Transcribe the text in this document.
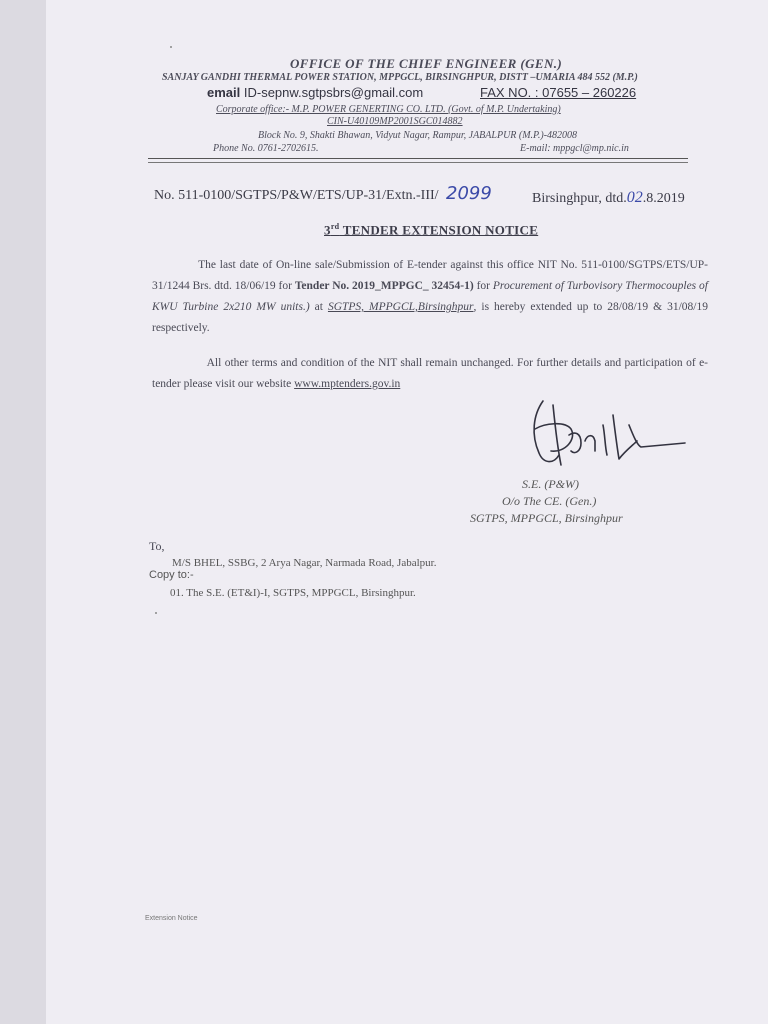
OFFICE OF THE CHIEF ENGINEER (GEN.)
SANJAY GANDHI THERMAL POWER STATION, MPPGCL, BIRSINGHPUR, DISTT –UMARIA 484 552 (M.P.)
email ID-sepnw.sgtpsbrs@gmail.com	FAX NO. : 07655 – 260226
Corporate office:- M.P. POWER GENERTING CO. LTD. (Govt. of M.P. Undertaking)
CIN-U40109MP2001SGC014882
Block No. 9, Shakti Bhawan, Vidyut Nagar, Rampur, JABALPUR (M.P.)-482008
Phone No. 0761-2702615.	E-mail: mppgcl@mp.nic.in
No. 511-0100/SGTPS/P&W/ETS/UP-31/Extn.-III/ 2099	Birsinghpur, dtd.02.8.2019
3rd TENDER EXTENSION NOTICE
The last date of On-line sale/Submission of E-tender against this office NIT No. 511-0100/SGTPS/ETS/UP-31/1244 Brs. dtd. 18/06/19 for Tender No. 2019_MPPGC_ 32454-1) for Procurement of Turbovisory Thermocouples of KWU Turbine 2x210 MW units.) at SGTPS, MPPGCL,Birsinghpur, is hereby extended up to 28/08/19 & 31/08/19 respectively.
All other terms and condition of the NIT shall remain unchanged. For further details and participation of e-tender please visit our website www.mptenders.gov.in
S.E. (P&W)
O/o The CE. (Gen.)
SGTPS, MPPGCL, Birsinghpur
To,
M/S BHEL, SSBG, 2 Arya Nagar, Narmada Road, Jabalpur.
Copy to:-
01. The S.E. (ET&I)-I, SGTPS, MPPGCL, Birsinghpur.
Extension Notice
